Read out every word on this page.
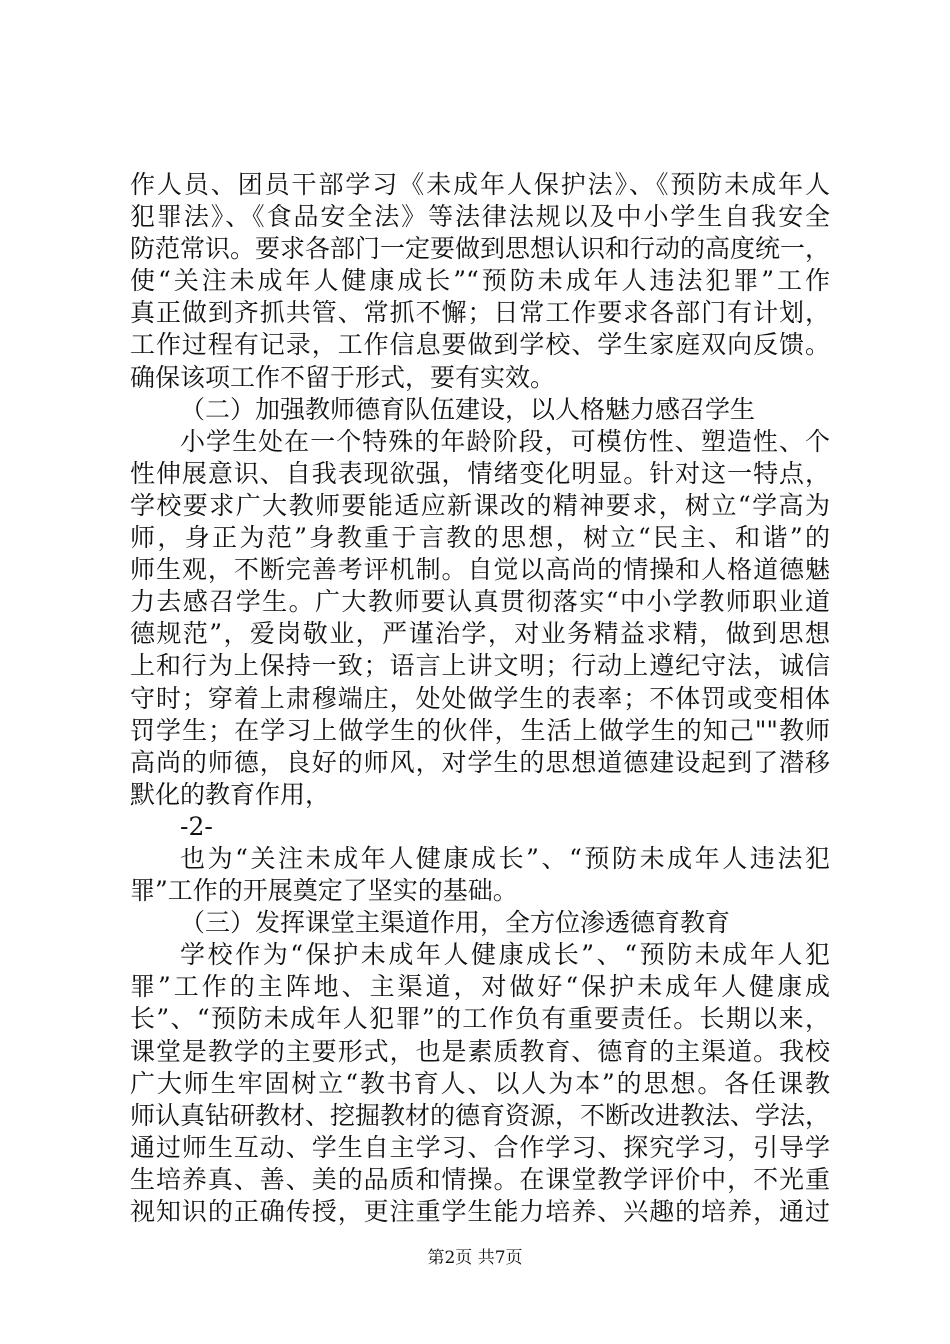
作人员、团员干部学习《未成年人保护法》、《预防未成年人
犯罪法》、《食品安全法》等法律法规以及中小学生自我安全
防范常识。要求各部门一定要做到思想认识和行动的高度统一，
使“关注未成年人健康成长”“预防未成年人违法犯罪”工作
真正做到齐抓共管、常抓不懈；日常工作要求各部门有计划，
工作过程有记录，工作信息要做到学校、学生家庭双向反馈。
确保该项工作不留于形式，要有实效。
（二）加强教师德育队伍建设，以人格魅力感召学生
小学生处在一个特殊的年龄阶段，可模仿性、塑造性、个
性伸展意识、自我表现欲强，情绪变化明显。针对这一特点，
学校要求广大教师要能适应新课改的精神要求，树立“学高为
师，身正为范”身教重于言教的思想，树立“民主、和谐”的
师生观，不断完善考评机制。自觉以高尚的情操和人格道德魅
力去感召学生。广大教师要认真贯彻落实“中小学教师职业道
德规范”，爱岗敬业，严谨治学，对业务精益求精，做到思想
上和行为上保持一致；语言上讲文明；行动上遵纪守法，诚信
守时；穿着上肃穆端庄，处处做学生的表率；不体罚或变相体
罚学生；在学习上做学生的伙伴，生活上做学生的知己""教师
高尚的师德，良好的师风，对学生的思想道德建设起到了潜移
默化的教育作用，
-2-
也为“关注未成年人健康成长”、“预防未成年人违法犯
罪”工作的开展奠定了坚实的基础。
（三）发挥课堂主渠道作用，全方位渗透德育教育
学校作为“保护未成年人健康成长”、“预防未成年人犯
罪”工作的主阵地、主渠道，对做好“保护未成年人健康成
长”、“预防未成年人犯罪”的工作负有重要责任。长期以来，
课堂是教学的主要形式，也是素质教育、德育的主渠道。我校
广大师生牢固树立“教书育人、以人为本”的思想。各任课教
师认真钻研教材、挖掘教材的德育资源，不断改进教法、学法，
通过师生互动、学生自主学习、合作学习、探究学习，引导学
生培养真、善、美的品质和情操。在课堂教学评价中，不光重
视知识的正确传授，更注重学生能力培养、兴趣的培养，通过
第2页 共7页
